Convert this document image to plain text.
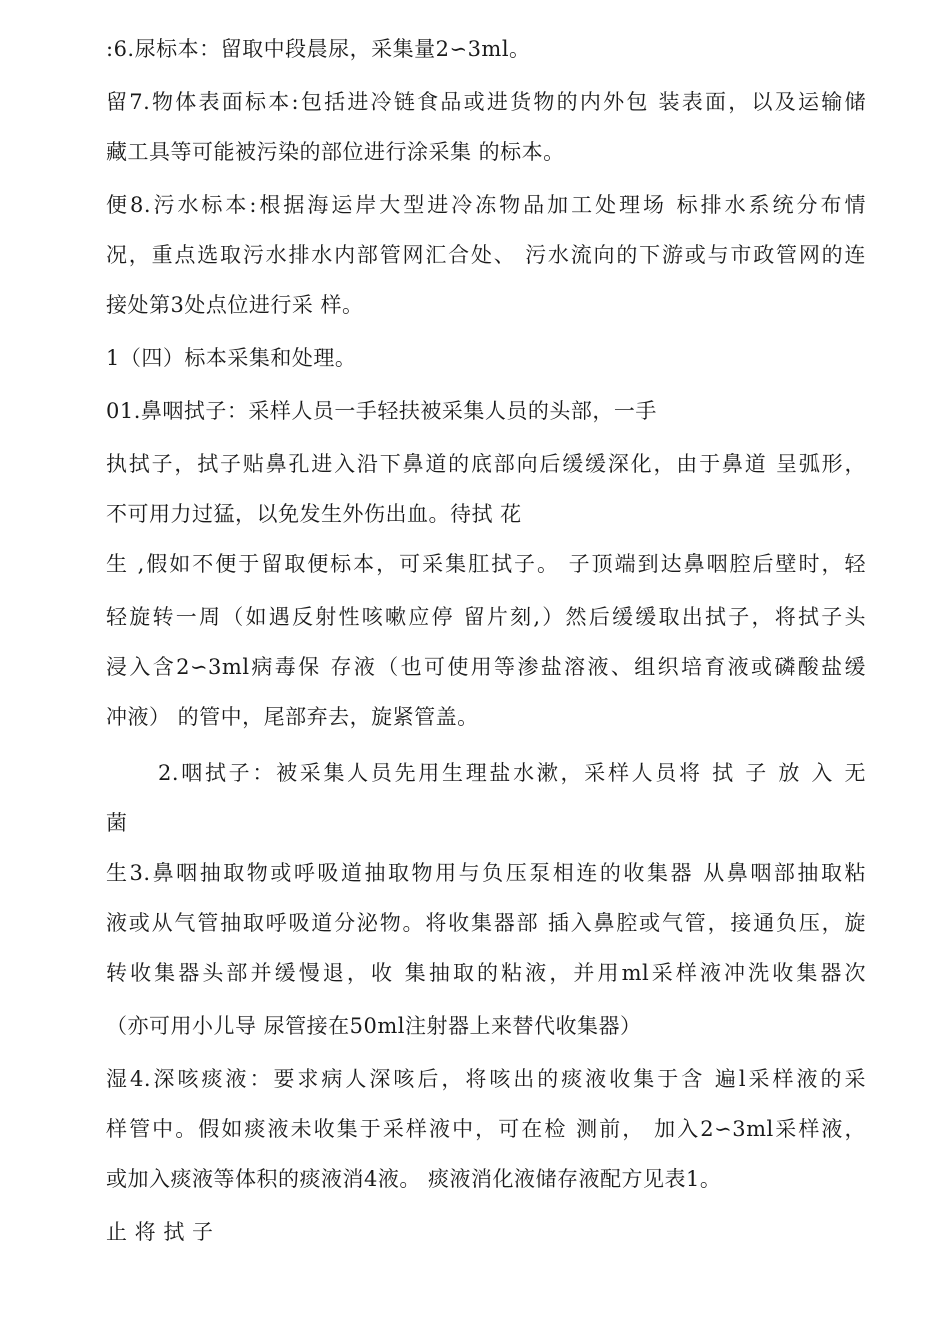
:6.尿标本：留取中段晨尿，采集量2∽3ml。
留7.物体表面标本:包括进冷链食品或进货物的内外包 装表面，以及运输储
藏工具等可能被污染的部位进行涂采集 的标本。
便8.污水标本:根据海运岸大型进冷冻物品加工处理场 标排水系统分布情
况，重点选取污水排水内部管网汇合处、 污水流向的下游或与市政管网的连
接处第3处点位进行采 样。
1（四）标本采集和处理。
01.鼻咽拭子：采样人员一手轻扶被采集人员的头部，一手
执拭子，拭子贴鼻孔进入沿下鼻道的底部向后缓缓深化，由于鼻道 呈弧形，
不可用力过猛，以免发生外伤出血。待拭 花
生 ,假如不便于留取便标本，可采集肛拭子。 子顶端到达鼻咽腔后壁时，轻
轻旋转一周（如遇反射性咳嗽应停 留片刻,）然后缓缓取出拭子，将拭子头
浸入含2∽3ml病毒保 存液（也可使用等渗盐溶液、组织培育液或磷酸盐缓
冲液） 的管中，尾部弃去，旋紧管盖。
2.咽拭子：被采集人员先用生理盐水漱，采样人员将 拭 子 放 入 无
菌
生3.鼻咽抽取物或呼吸道抽取物用与负压泵相连的收集器 从鼻咽部抽取粘
液或从气管抽取呼吸道分泌物。将收集器部 插入鼻腔或气管，接通负压，旋
转收集器头部并缓慢退，收 集抽取的粘液，并用ml采样液冲洗收集器次
（亦可用小儿导 尿管接在50ml注射器上来替代收集器）
湿4.深咳痰液：要求病人深咳后，将咳出的痰液收集于含 遍l采样液的采
样管中。假如痰液未收集于采样液中，可在检 测前， 加入2∽3ml采样液，
或加入痰液等体积的痰液消4液。 痰液消化液储存液配方见表1。
止 将 拭 子
